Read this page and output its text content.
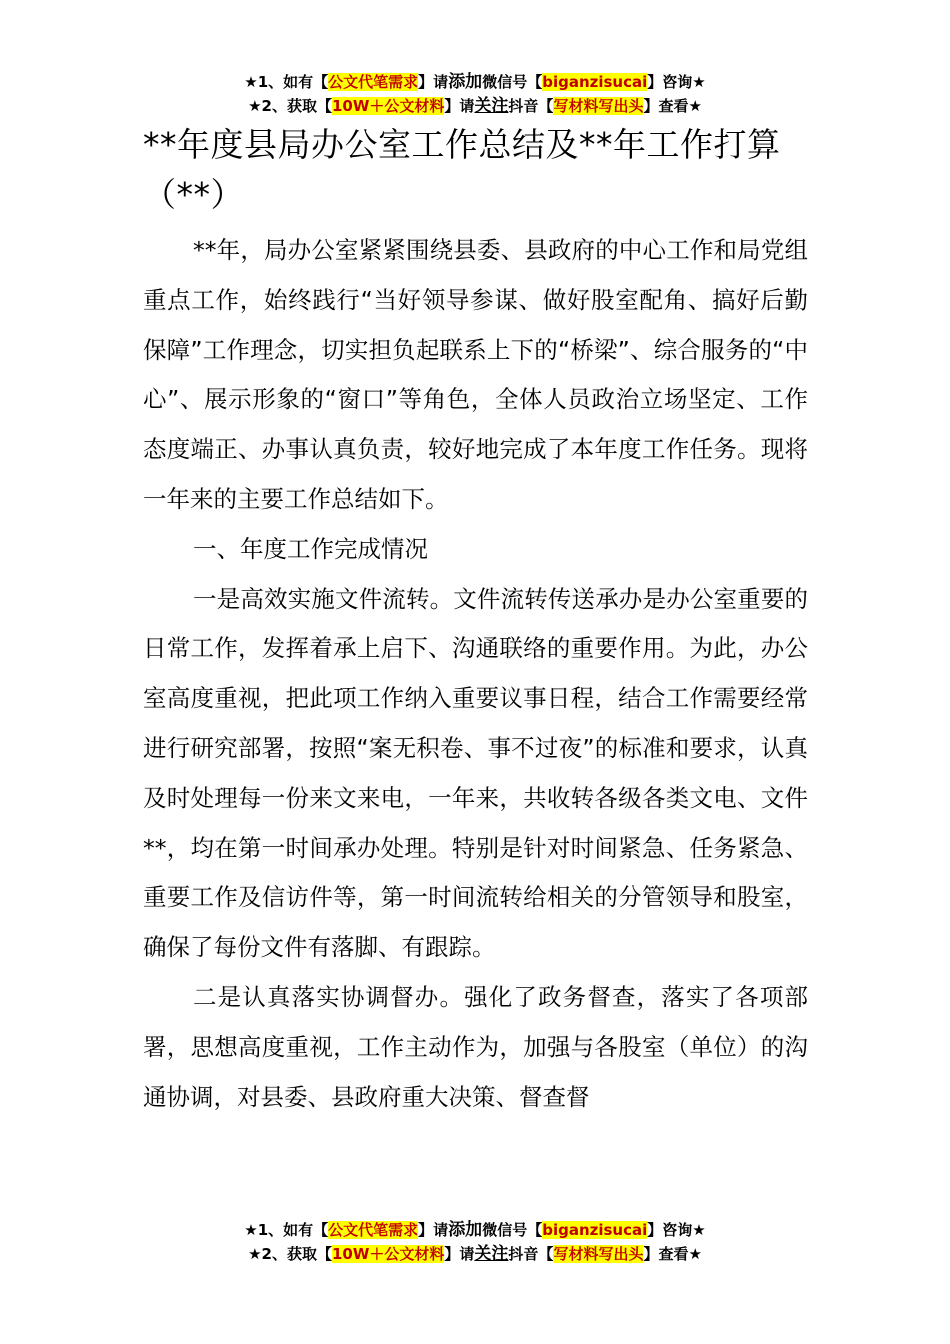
★1、如有【公文代笔需求】请添加微信号【biganzisucai】咨询★
★2、获取【10W＋公文材料】请关注抖音【写材料写出头】查看★
**年度县局办公室工作总结及**年工作打算（**）

**年，局办公室紧紧围绕县委、县政府的中心工作和局党组重点工作，始终践行“当好领导参谋、做好股室配角、搞好后勤保障”工作理念，切实担负起联系上下的“桥梁”、综合服务的“中心”、展示形象的“窗口”等角色，全体人员政治立场坚定、工作态度端正、办事认真负责，较好地完成了本年度工作任务。现将一年来的主要工作总结如下。

一、年度工作完成情况

一是高效实施文件流转。文件流转传送承办是办公室重要的日常工作，发挥着承上启下、沟通联络的重要作用。为此，办公室高度重视，把此项工作纳入重要议事日程，结合工作需要经常进行研究部署，按照“案无积卷、事不过夜”的标准和要求，认真及时处理每一份来文来电，一年来，共收转各级各类文电、文件**，均在第一时间承办处理。特别是针对时间紧急、任务紧急、重要工作及信访件等，第一时间流转给相关的分管领导和股室，确保了每份文件有落脚、有跟踪。

二是认真落实协调督办。强化了政务督查，落实了各项部署，思想高度重视，工作主动作为，加强与各股室（单位）的沟通协调，对县委、县政府重大决策、督查督

★1、如有【公文代笔需求】请添加微信号【biganzisucai】咨询★
★2、获取【10W＋公文材料】请关注抖音【写材料写出头】查看★
